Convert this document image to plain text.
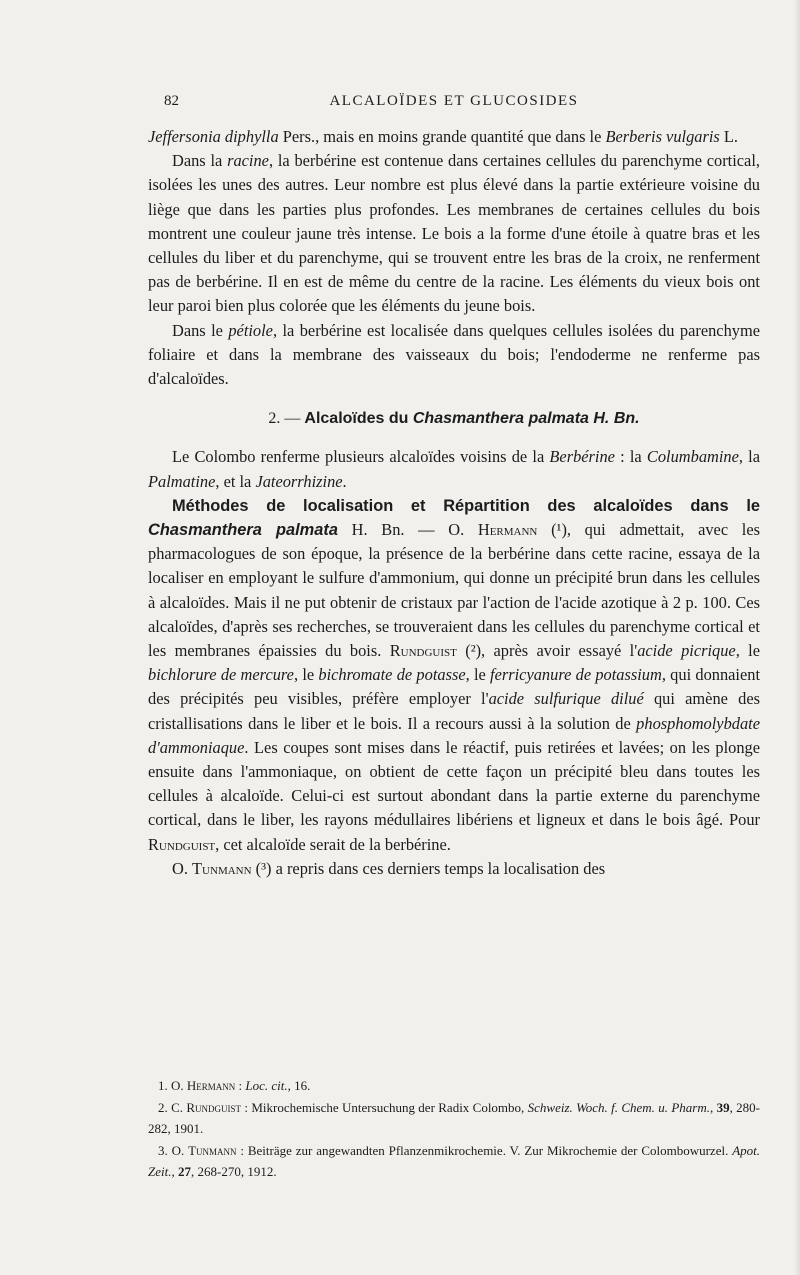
82	ALCALOÏDES ET GLUCOSIDES

Jeffersonia diphylla Pers., mais en moins grande quantité que dans le Berberis vulgaris L.

Dans la racine, la berbérine est contenue dans certaines cellules du parenchyme cortical, isolées les unes des autres. Leur nombre est plus élevé dans la partie extérieure voisine du liège que dans les parties plus profondes. Les membranes de certaines cellules du bois montrent une couleur jaune très intense. Le bois a la forme d'une étoile à quatre bras et les cellules du liber et du parenchyme, qui se trouvent entre les bras de la croix, ne renferment pas de berbérine. Il en est de même du centre de la racine. Les éléments du vieux bois ont leur paroi bien plus colorée que les éléments du jeune bois.

Dans le pétiole, la berbérine est localisée dans quelques cellules isolées du parenchyme foliaire et dans la membrane des vaisseaux du bois; l'endoderme ne renferme pas d'alcaloïdes.

2. — Alcaloïdes du Chasmanthera palmata H. Bn.

Le Colombo renferme plusieurs alcaloïdes voisins de la Berbérine : la Columbamine, la Palmatine, et la Jateorrhizine.

Méthodes de localisation et Répartition des alcaloïdes dans le Chasmanthera palmata H. Bn. — O. Hermann (¹), qui admettait, avec les pharmacologues de son époque, la présence de la berbérine dans cette racine, essaya de la localiser en employant le sulfure d'ammonium, qui donne un précipité brun dans les cellules à alcaloïdes. Mais il ne put obtenir de cristaux par l'action de l'acide azotique à 2 p. 100. Ces alcaloïdes, d'après ses recherches, se trouveraient dans les cellules du parenchyme cortical et les membranes épaissies du bois. Rundguist (²), après avoir essayé l'acide picrique, le bichlorure de mercure, le bichromate de potasse, le ferricyanure de potassium, qui donnaient des précipités peu visibles, préfère employer l'acide sulfurique dilué qui amène des cristallisations dans le liber et le bois. Il a recours aussi à la solution de phosphomolybdate d'ammoniaque. Les coupes sont mises dans le réactif, puis retirées et lavées; on les plonge ensuite dans l'ammoniaque, on obtient de cette façon un précipité bleu dans toutes les cellules à alcaloïde. Celui-ci est surtout abondant dans la partie externe du parenchyme cortical, dans le liber, les rayons médullaires libériens et ligneux et dans le bois âgé. Pour Rundguist, cet alcaloïde serait de la berbérine.

O. Tunmann (³) a repris dans ces derniers temps la localisation des

1. O. Hermann : Loc. cit., 16.

2. C. Rundguist : Mikrochemische Untersuchung der Radix Colombo, Schweiz. Woch. f. Chem. u. Pharm., 39, 280-282, 1901.

3. O. Tunmann : Beiträge zur angewandten Pflanzenmikrochemie. V. Zur Mikrochemie der Colombowurzel. Apot. Zeit., 27, 268-270, 1912.
